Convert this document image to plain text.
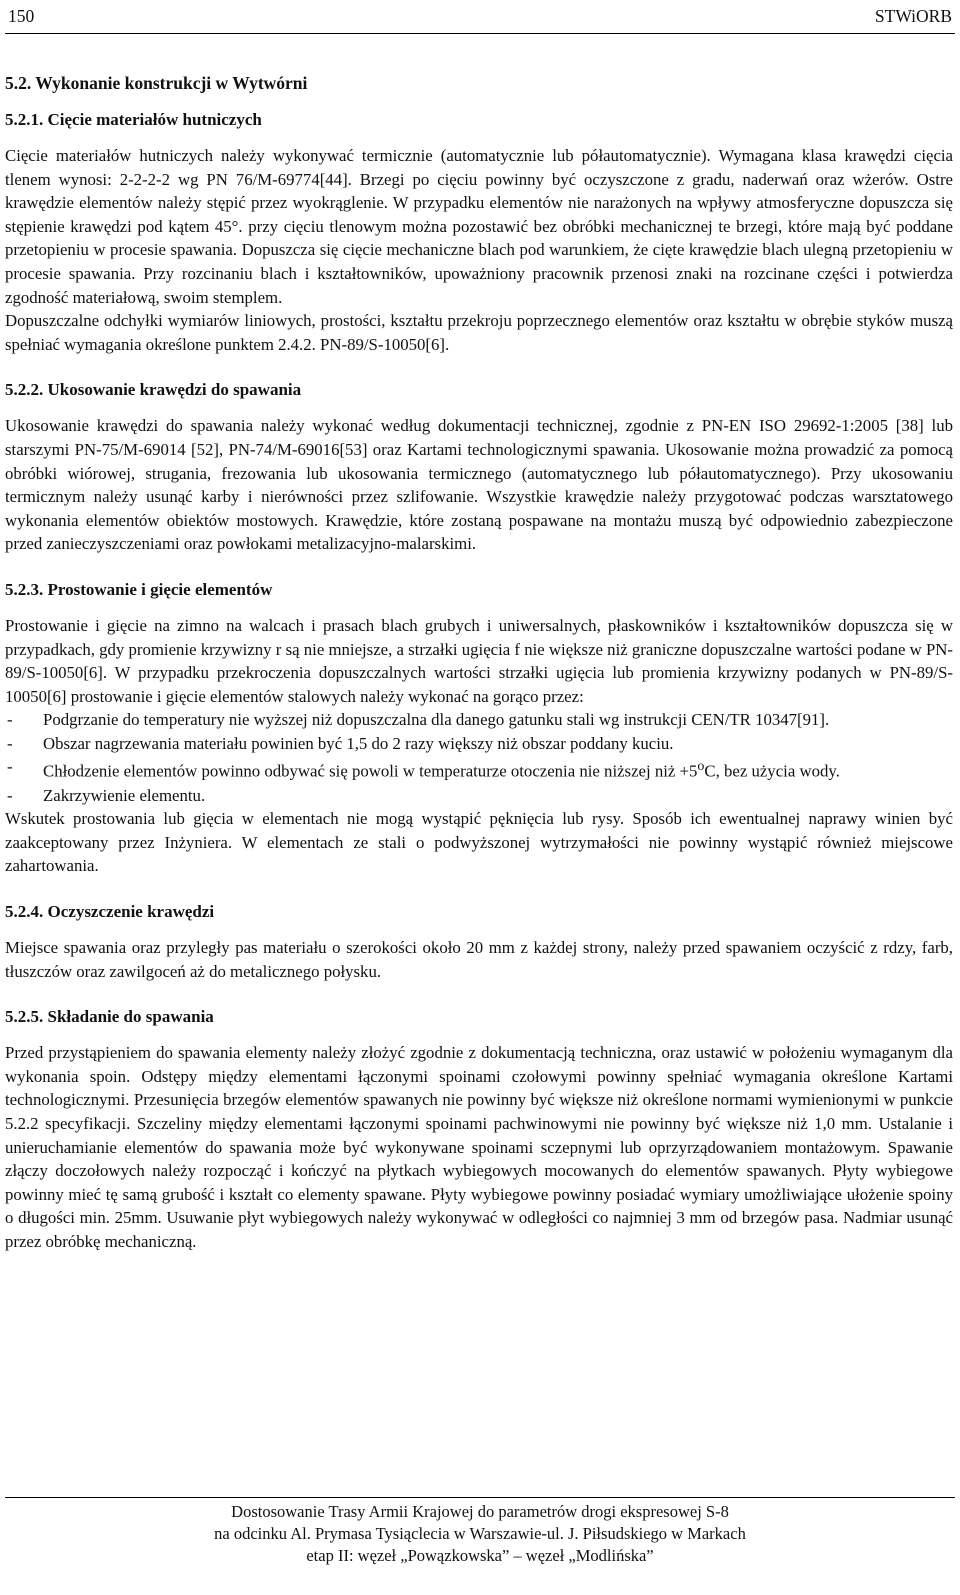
150	STWiORB
5.2. Wykonanie konstrukcji w Wytwórni
5.2.1. Cięcie materiałów hutniczych

Cięcie materiałów hutniczych należy wykonywać termicznie (automatycznie lub półautomatycznie). Wymagana klasa krawędzi cięcia tlenem wynosi: 2-2-2-2 wg PN 76/M-69774[44]. Brzegi po cięciu powinny być oczyszczone z gradu, naderwań oraz wżerów. Ostre krawędzie elementów należy stępić przez wyokrąglenie. W przypadku elementów nie narażonych na wpływy atmosferyczne dopuszcza się stępienie krawędzi pod kątem 45°. przy cięciu tlenowym można pozostawić bez obróbki mechanicznej te brzegi, które mają być poddane przetopieniu w procesie spawania. Dopuszcza się cięcie mechaniczne blach pod warunkiem, że cięte krawędzie blach ulegną przetopieniu w procesie spawania. Przy rozcinaniu blach i kształtowników, upoważniony pracownik przenosi znaki na rozcinane części i potwierdza zgodność materiałową, swoim stemplem.

Dopuszczalne odchyłki wymiarów liniowych, prostości, kształtu przekroju poprzecznego elementów oraz kształtu w obrębie styków muszą spełniać wymagania określone punktem 2.4.2. PN-89/S-10050[6].

5.2.2. Ukosowanie krawędzi do spawania

Ukosowanie krawędzi do spawania należy wykonać według dokumentacji technicznej, zgodnie z PN-EN ISO 29692-1:2005 [38] lub starszymi PN-75/M-69014 [52], PN-74/M-69016[53] oraz Kartami technologicznymi spawania. Ukosowanie można prowadzić za pomocą obróbki wiórowej, strugania, frezowania lub ukosowania termicznego (automatycznego lub półautomatycznego). Przy ukosowaniu termicznym należy usunąć karby i nierówności przez szlifowanie. Wszystkie krawędzie należy przygotować podczas warsztatowego wykonania elementów obiektów mostowych. Krawędzie, które zostaną pospawane na montażu muszą być odpowiednio zabezpieczone przed zanieczyszczeniami oraz powłokami metalizacyjno-malarskimi.

5.2.3. Prostowanie i gięcie elementów

Prostowanie i gięcie na zimno na walcach i prasach blach grubych i uniwersalnych, płaskowników i kształtowników dopuszcza się w przypadkach, gdy promienie krzywizny r są nie mniejsze, a strzałki ugięcia f nie większe niż graniczne dopuszczalne wartości podane w PN-89/S-10050[6]. W przypadku przekroczenia dopuszczalnych wartości strzałki ugięcia lub promienia krzywizny podanych w PN-89/S-10050[6] prostowanie i gięcie elementów stalowych należy wykonać na gorąco przez:

- Podgrzanie do temperatury nie wyższej niż dopuszczalna dla danego gatunku stali wg instrukcji CEN/TR 10347[91].
- Obszar nagrzewania materiału powinien być 1,5 do 2 razy większy niż obszar poddany kuciu.
- Chłodzenie elementów powinno odbywać się powoli w temperaturze otoczenia nie niższej niż $+5^oC$, bez użycia wody.
- Zakrzywienie elementu.

Wskutek prostowania lub gięcia w elementach nie mogą wystąpić pęknięcia lub rysy. Sposób ich ewentualnej naprawy winien być zaakceptowany przez Inżyniera. W elementach ze stali o podwyższonej wytrzymałości nie powinny wystąpić również miejscowe zahartowania.

5.2.4. Oczyszczenie krawędzi

Miejsce spawania oraz przyległy pas materiału o szerokości około 20 mm z każdej strony, należy przed spawaniem oczyścić z rdzy, farb, tłuszczów oraz zawilgoceń aż do metalicznego połysku.

5.2.5. Składanie do spawania

Przed przystąpieniem do spawania elementy należy złożyć zgodnie z dokumentacją techniczna, oraz ustawić w położeniu wymaganym dla wykonania spoin. Odstępy między elementami łączonymi spoinami czołowymi powinny spełniać wymagania określone Kartami technologicznymi. Przesunięcia brzegów elementów spawanych nie powinny być większe niż określone normami wymienionymi w punkcie 5.2.2 specyfikacji. Szczeliny między elementami łączonymi spoinami pachwinowymi nie powinny być większe niż 1,0 mm. Ustalanie i unieruchamianie elementów do spawania może być wykonywane spoinami sczepnymi lub oprzyrządowaniem montażowym. Spawanie złączy doczołowych należy rozpocząć i kończyć na płytkach wybiegowych mocowanych do elementów spawanych. Płyty wybiegowe powinny mieć tę samą grubość i kształt co elementy spawane. Płyty wybiegowe powinny posiadać wymiary umożliwiające ułożenie spoiny o długości min. 25mm. Usuwanie płyt wybiegowych należy wykonywać w odległości co najmniej 3 mm od brzegów pasa. Nadmiar usunąć przez obróbkę mechaniczną.

Dostosowanie Trasy Armii Krajowej do parametrów drogi ekspresowej S-8
na odcinku Al. Prymasa Tysiąclecia w Warszawie-ul. J. Piłsudskiego w Markach
etap II: węzeł „Powązkowska” – węzeł „Modlińska”
